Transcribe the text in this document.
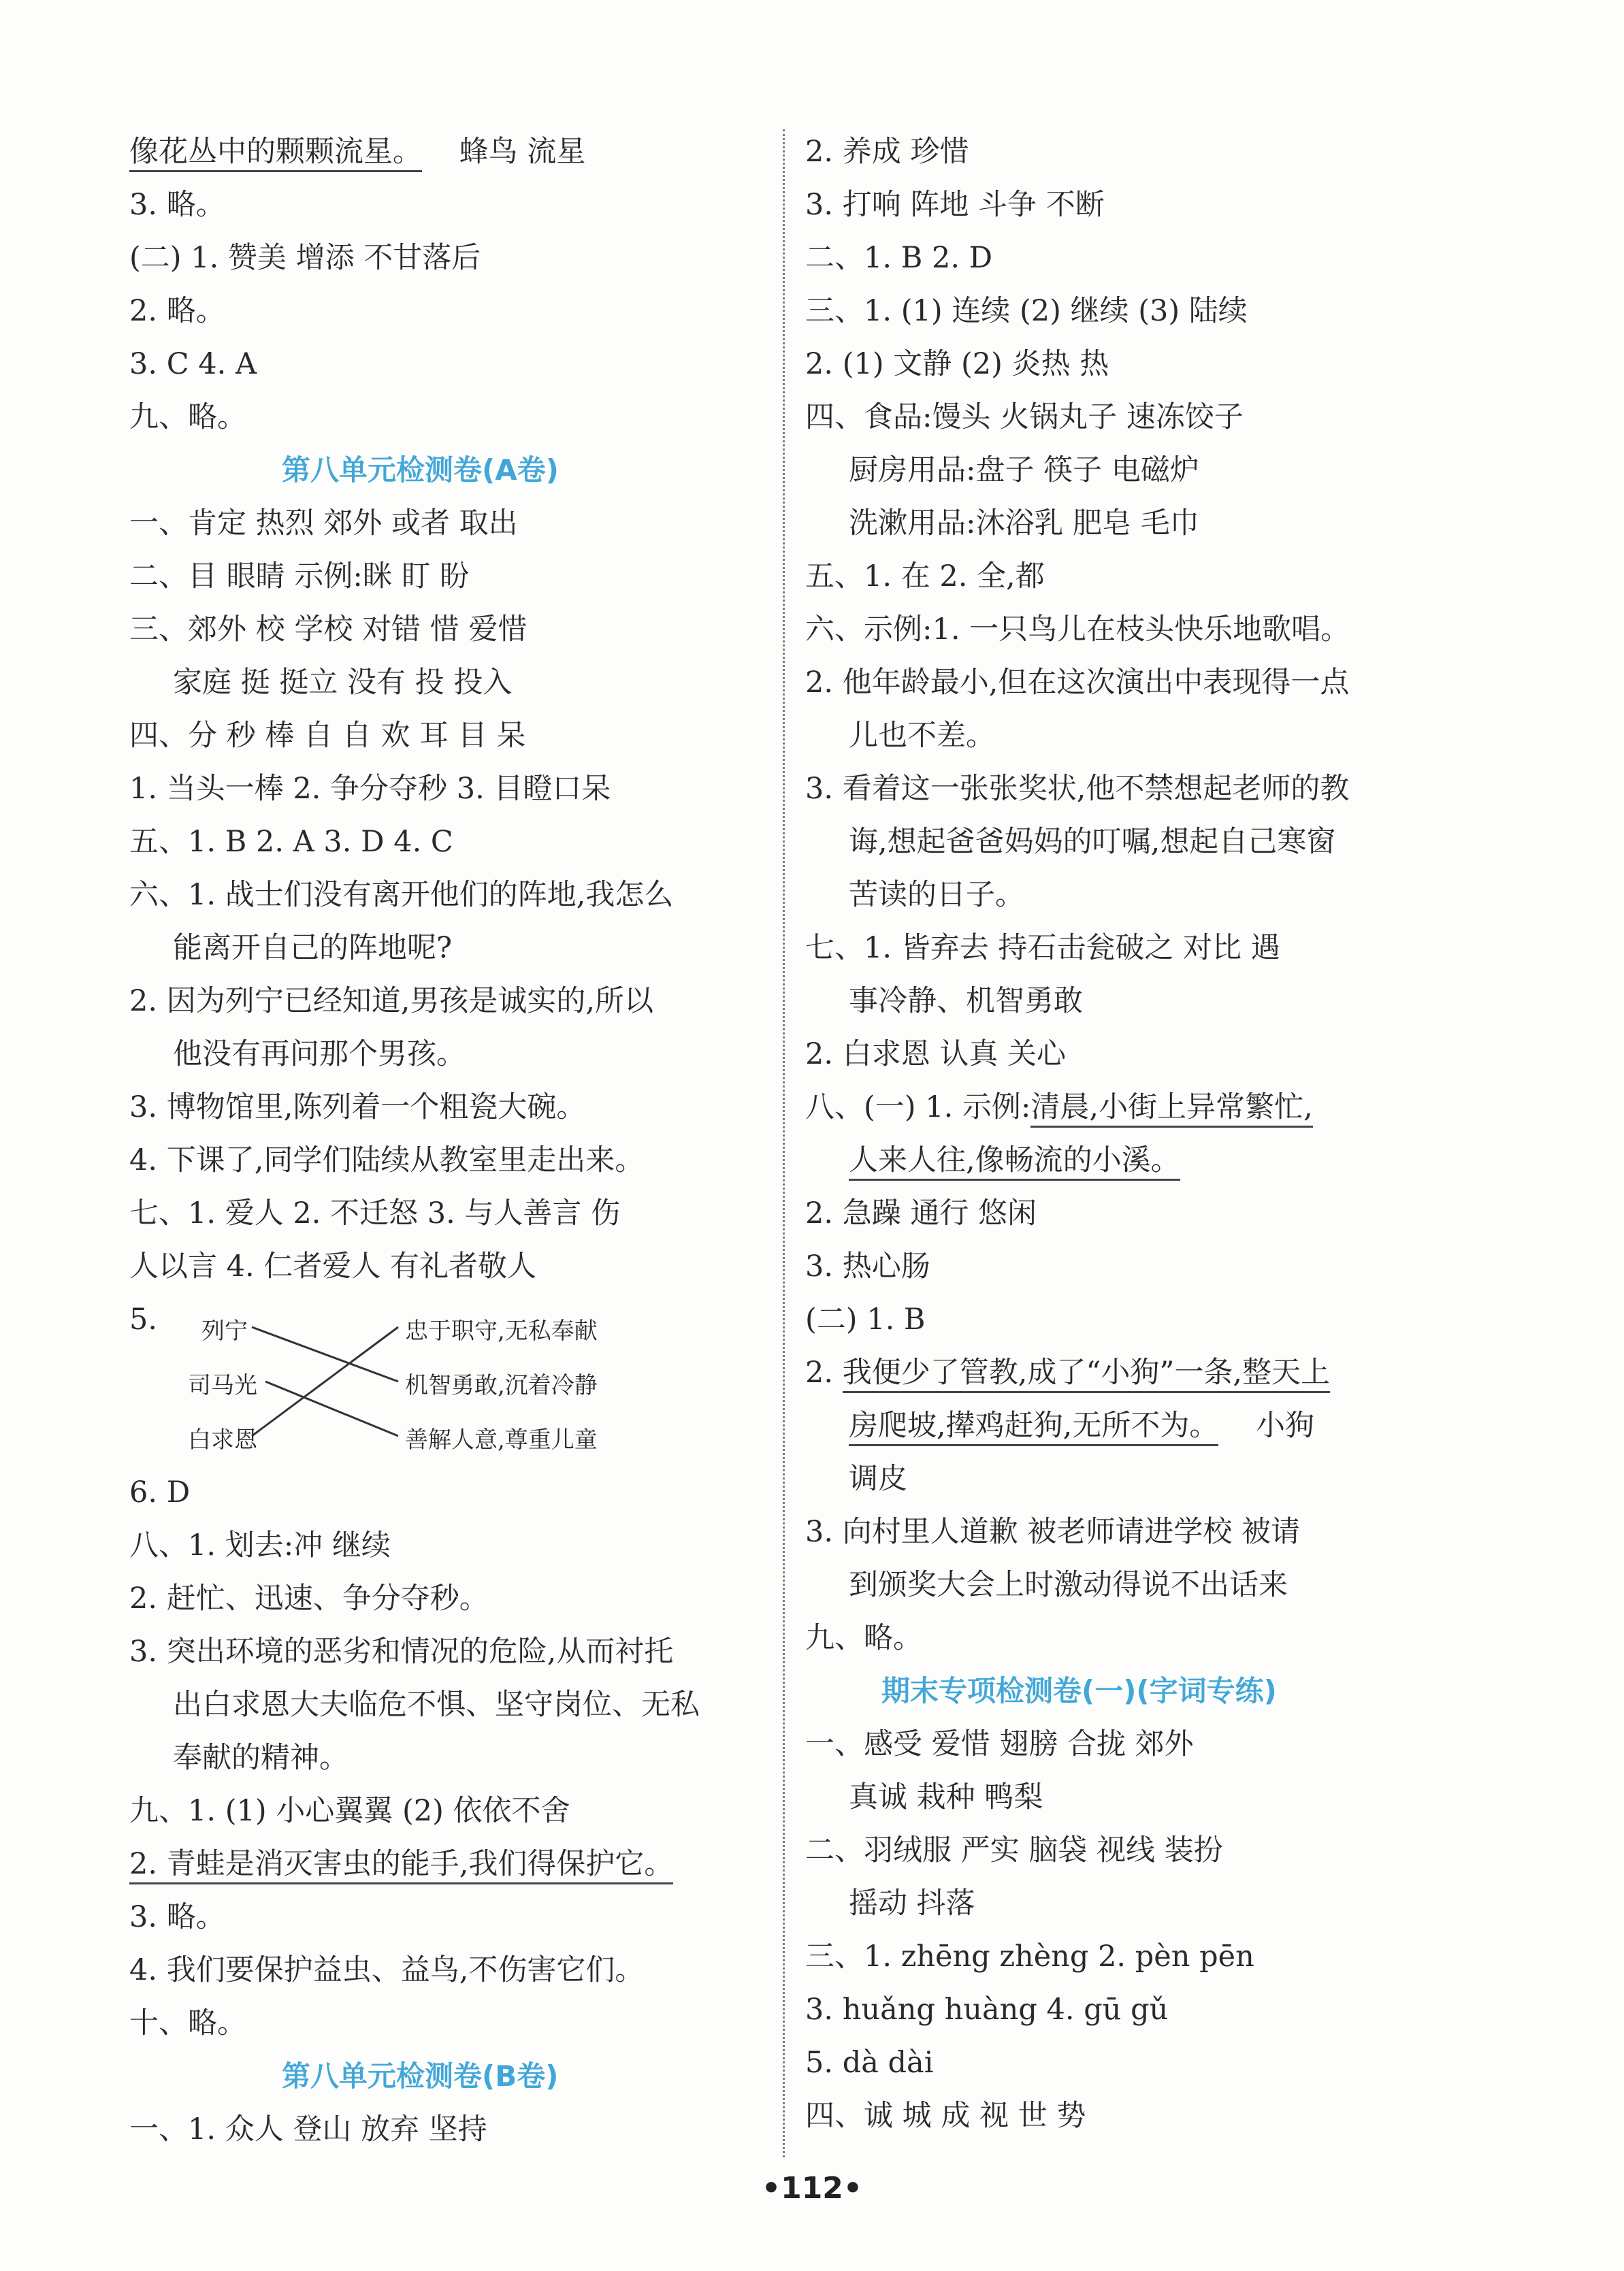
像花丛中的颗颗流星。 蜂鸟 流星
3. 略。
(二) 1. 赞美 增添 不甘落后
2. 略。
3. C 4. A
九、略。
第八单元检测卷(A卷)
一、肯定 热烈 郊外 或者 取出
二、目 眼睛 示例:眯 盯 盼
三、郊外 校 学校 对错 惜 爱惜
家庭 挺 挺立 没有 投 投入
四、分 秒 棒 自 自 欢 耳 目 呆
1. 当头一棒 2. 争分夺秒 3. 目瞪口呆
五、1. B 2. A 3. D 4. C
六、1. 战士们没有离开他们的阵地,我怎么
能离开自己的阵地呢?
2. 因为列宁已经知道,男孩是诚实的,所以
他没有再问那个男孩。
3. 博物馆里,陈列着一个粗瓷大碗。
4. 下课了,同学们陆续从教室里走出来。
七、1. 爱人 2. 不迁怒 3. 与人善言 伤
人以言 4. 仁者爱人 有礼者敬人
5. 列宁
司马光
白求恩
忠于职守,无私奉献
机智勇敢,沉着冷静
善解人意,尊重儿童
6. D
八、1. 划去:冲 继续
2. 赶忙、迅速、争分夺秒。
3. 突出环境的恶劣和情况的危险,从而衬托
出白求恩大夫临危不惧、坚守岗位、无私
奉献的精神。
九、1. (1) 小心翼翼 (2) 依依不舍
2. 青蛙是消灭害虫的能手,我们得保护它。
3. 略。
4. 我们要保护益虫、益鸟,不伤害它们。
十、略。
第八单元检测卷(B卷)
一、1. 众人 登山 放弃 坚持
2. 养成 珍惜
3. 打响 阵地 斗争 不断
二、1. B 2. D
三、1. (1) 连续 (2) 继续 (3) 陆续
2. (1) 文静 (2) 炎热 热
四、食品:馒头 火锅丸子 速冻饺子
厨房用品:盘子 筷子 电磁炉
洗漱用品:沐浴乳 肥皂 毛巾
五、1. 在 2. 全,都
六、示例:1. 一只鸟儿在枝头快乐地歌唱。
2. 他年龄最小,但在这次演出中表现得一点
儿也不差。
3. 看着这一张张奖状,他不禁想起老师的教
诲,想起爸爸妈妈的叮嘱,想起自己寒窗
苦读的日子。
七、1. 皆弃去 持石击瓮破之 对比 遇
事冷静、机智勇敢
2. 白求恩 认真 关心
八、(一) 1. 示例:清晨,小街上异常繁忙,
人来人往,像畅流的小溪。
2. 急躁 通行 悠闲
3. 热心肠
(二) 1. B
2. 我便少了管教,成了“小狗”一条,整天上
房爬坡,撵鸡赶狗,无所不为。 小狗
调皮
3. 向村里人道歉 被老师请进学校 被请
到颁奖大会上时激动得说不出话来
九、略。
期末专项检测卷(一)(字词专练)
一、感受 爱惜 翅膀 合拢 郊外
真诚 栽种 鸭梨
二、羽绒服 严实 脑袋 视线 装扮
摇动 抖落
三、1. zhēng zhèng 2. pèn pēn
3. huǎng huàng 4. gū gǔ
5. dà dài
四、诚 城 成 视 世 势
•112•
